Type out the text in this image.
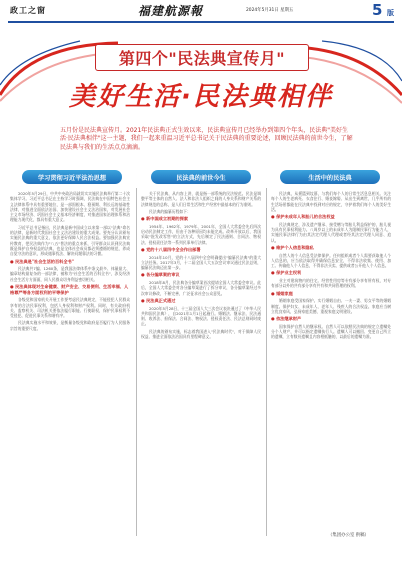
政工之窗	福建航源報	2024年5月31日 星期五	5 版
第四个"民法典宣传月"
美好生活·民法典相伴
五月份是民法典宣传月。2021年民法典正式生效以来，民法典宣传月已经举办到第四个年头，民法典"美好生活·民法典相伴"这一主题，我们一起来重温习近平总书记关于民法典的重要论述，回顾民法典的前世今生，了解民法典与我们的生活点点滴滴。
学习贯彻习近平法治思想	民法典的前世今生	生活中的民法典

2020年5月29日，中共中央政治局就切实实施民法典举行第二十次集体学习。习近平总书记在主持学习时强调，民法典在中国特色社会主义法律体系中具有重要地位，是一部固根本、稳预期、利长远的基础性法律，对推进全面依法治国、加快建设社会主义法治国家，对发展社会主义市场经济、巩固社会主义基本经济制度，对推进国家治理体系和治理能力现代化，都具有重大意义。

习近平总书记指出，民法典是新中国成立以来第一部以"法典"命名的法律，是新时代我国社会主义法治建设的重大成果。要充分认识颁布实施民法典的重大意义，依法更好保障人民合法权益。要加强民法典宣传教育，把民法典作为"八五"普法的重点来抓，引导群众认识到民法典既是保护自身权益的法典，也是全体社会成员都必须遵循的规范，养成自觉守法的意识，形成遇事找法、解决问题靠法的习惯。

● 民法典是"社会生活的百科全书"

民法典共7编、1260条，是我国法律体系中条文最多、体量最大、编章结构最复杂的一部法律，被称为"社会生活的百科全书"，涉及经济社会生活方方面面，同人民群众切身利益密切相关。

● 民法典体现对生命健康、财产安全、交易便利、生活幸福、人格尊严等各方面权利的平等保护

各级党和国家机关开展工作要考虑民法典规定，不能侵犯人民群众享有的合法民事权利，包括人身权利和财产权利。同时，有关政府机关、监察机关、司法机关要依法履行职能、行使职权，保护民事权利不受侵犯、促进民事关系和谐有序。

民法典实施水平和效果，是衡量各级党和政府是否履行为人民服务宗旨的重要尺度。

关于民法典，从内容上讲，就是指一部系统的民法规范。民法是调整平等主体的自然人、法人和非法人组织之间的人身关系和财产关系的法律规范的总称，是人们日常生活和生产经营中最基本的行为准则。

民法典的编纂历程如下：

● 新中国成立初期的探索

1954年、1962年、1979年、2001年，全国人大常委会先后四次启动民法制定工作，但由于各种原因均未能完成。改革开放以后，我国采取"批发改零售"的立法方式，先后制定了民法通则、合同法、物权法、侵权责任法等一系列民事单行法律。

● 党的十八届四中全会作出部署

2014年10月，党的十八届四中全会明确提出"编纂民法典"的重大立法任务。2017年3月，十二届全国人大五次会议审议通过民法总则，编纂民法典迈出第一步。

● 各分编草案的审议

2018年8月，民法典各分编草案首次提请全国人大常委会审议。此后，全国人大常委会对各分编草案进行了拆分审议，各分编草案经过多次审议修改，不断完善，广泛征求社会公众意见。

● 民法典正式通过

2020年5月28日，十三届全国人大三次会议表决通过了《中华人民共和国民法典》，自2021年1月1日起施行。婚姻法、继承法、民法通则、收养法、担保法、合同法、物权法、侵权责任法、民法总则同时废止。

民法典的颁布实施，标志着我国进入"民法典时代"，对于保障人民权益、推进全面依法治国具有里程碑意义。

民法典，从摇篮到坟墓，与我们每个人的日常生活息息相关。关注每个人的生老病死、衣食住行、婚丧嫁娶、从出生到离世，几乎所有的生活场景都能在民法典中找到对应的规定，守护着我们每个人的美好生活。

● 保护未成年人和胎儿的合法权益

民法典规定，涉及遗产继承、接受赠与等胎儿利益保护的，胎儿视为具有民事权利能力。八周岁以上的未成年人为限制民事行为能力人，实施民事法律行为由其法定代理人代理或者经其法定代理人同意、追认。

● 维护个人信息和隐私

自然人的个人信息受法律保护。任何组织或者个人需要获取他人个人信息的，应当依法取得并确保信息安全，不得非法收集、使用、加工、传输他人个人信息，不得非法买卖、提供或者公开他人个人信息。

● 保护业主权利

业主对建筑物内的住宅、经营性用房等专有部分享有所有权，对专有部分以外的共有部分享有共有和共同管理的权利。

● 婚姻家庭

婚姻家庭受国家保护。实行婚姻自由、一夫一妻、男女平等的婚姻制度。保护妇女、未成年人、老年人、残疾人的合法权益。家庭应当树立优良家风，弘扬家庭美德，重视家庭文明建设。

● 依法继承财产

国家保护自然人的继承权。自然人可以依照民法典的规定立遗嘱处分个人财产，并可以指定遗嘱执行人。遗嘱人可以撤回、变更自己所立的遗嘱，立有数份遗嘱且内容相抵触的，以最后的遗嘱为准。

（集团办公室 供稿）
